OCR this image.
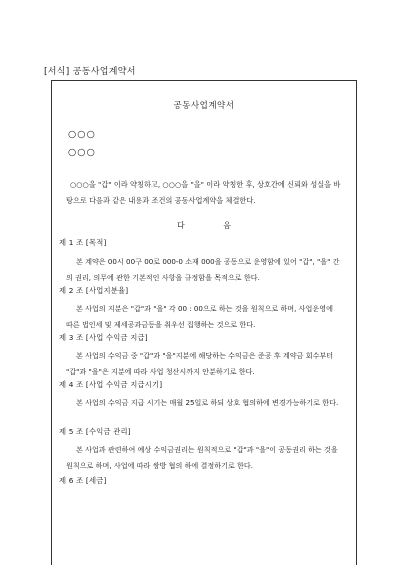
[서식] 공동사업계약서
공동사업계약서
○○○
○○○

○○○을 "갑" 이라 약칭하고, ○○○을 "을" 이라 약칭한 후, 상호간에 신뢰와 성실을 바탕으로 다음과 같은 내용과 조건의 공동사업계약을 체결한다.

다 음
제 1 조 [목적]

본 계약은 00시 00구 00로 000-0 소재 000을 공동으로 운영함에 있어 "갑", "을" 간의 권리, 의무에 관한 기본적인 사항을 규정함을 목적으로 한다.

제 2 조 [사업지분율]

본 사업의 지분은 "갑"과 "을" 각 00 : 00으로 하는 것을 원칙으로 하며, 사업운영에 따른 법인세 및 제세공과금등을 취우선 집행하는 것으로 한다.

제 3 조 [사업 수익금 지급]

본 사업의 수익금 중 "갑"과 "을"지분에 해당하는 수익금은 준공 후 계약금 회수부터 "갑"과 "을"은 지분에 따라 사업 청산시까지 안분하기로 한다.

제 4 조 [사업 수익금 지급시기]

본 사업의 수익금 지급 시기는 매월 25일로 하되 상호 협의하에 변경가능하기로 한다.

제 5 조 [수익금 관리]

본 사업과 관련하여 예상 수익금권리는 원칙적으로 "갑"과 "을"이 공동권리 하는 것을 원칙으로 하며, 사업에 따라 쌍방 협의 하에 결정하기로 한다.

제 6 조 [세금]
